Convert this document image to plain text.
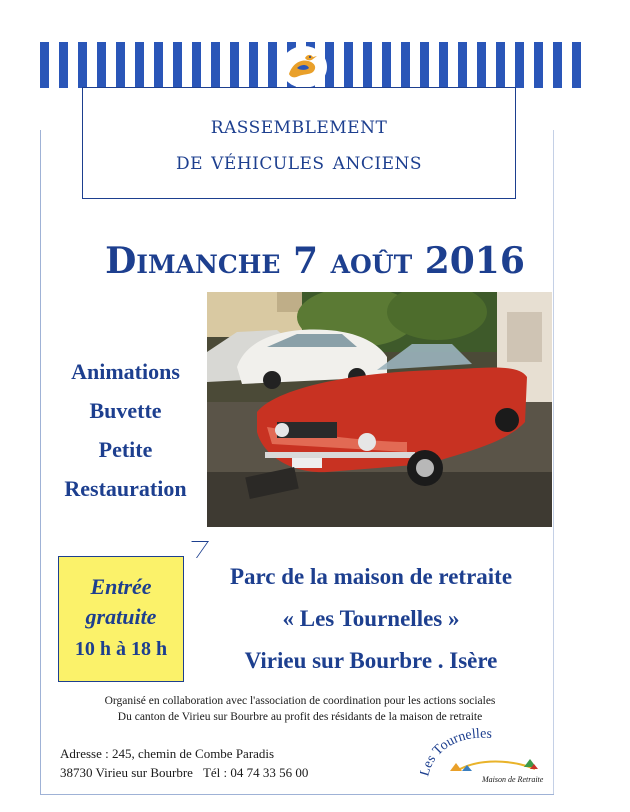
rassemblement
de véhicules anciens
Dimanche 7 août 2016
Animations
Buvette
Petite
Restauration
Entrée
gratuite
10 h à 18 h
Parc de la maison de retraite
« Les Tournelles »
Virieu sur Bourbre . Isère
Organisé en collaboration avec l'association de coordination pour les actions sociales
Du canton de Virieu sur Bourbre au profit des résidants de la maison de retraite
Adresse : 245, chemin de Combe Paradis
38730 Virieu sur Bourbre Tél : 04 74 33 56 00
es Tournelles
Maison de Retraite
